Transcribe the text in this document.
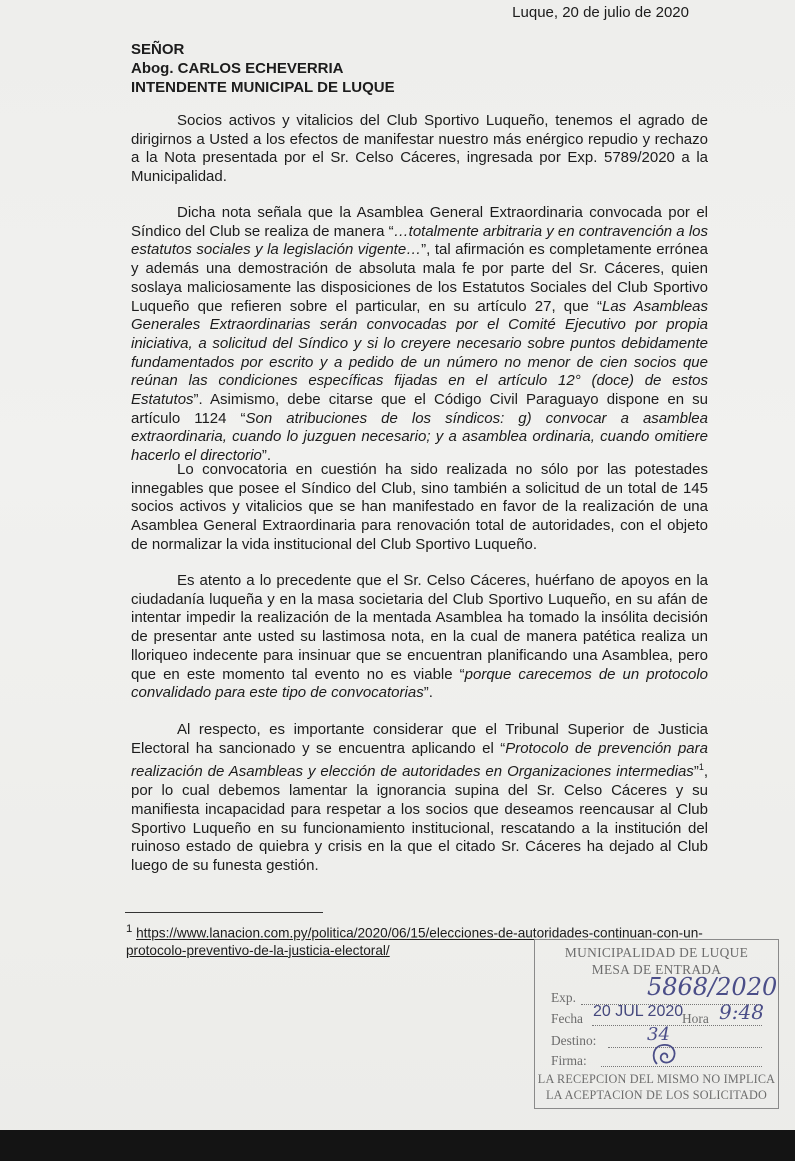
Luque, 20 de julio de 2020
SEÑOR
Abog. CARLOS ECHEVERRIA
INTENDENTE MUNICIPAL DE LUQUE

Socios activos y vitalicios del Club Sportivo Luqueño, tenemos el agrado de dirigirnos a Usted a los efectos de manifestar nuestro más enérgico repudio y rechazo a la Nota presentada por el Sr. Celso Cáceres, ingresada por Exp. 5789/2020 a la Municipalidad.

Dicha nota señala que la Asamblea General Extraordinaria convocada por el Síndico del Club se realiza de manera “…totalmente arbitraria y en contravención a los estatutos sociales y la legislación vigente…”, tal afirmación es completamente errónea y además una demostración de absoluta mala fe por parte del Sr. Cáceres, quien soslaya maliciosamente las disposiciones de los Estatutos Sociales del Club Sportivo Luqueño que refieren sobre el particular, en su artículo 27, que “Las Asambleas Generales Extraordinarias serán convocadas por el Comité Ejecutivo por propia iniciativa, a solicitud del Síndico y si lo creyere necesario sobre puntos debidamente fundamentados por escrito y a pedido de un número no menor de cien socios que reúnan las condiciones específicas fijadas en el artículo 12° (doce) de estos Estatutos”. Asimismo, debe citarse que el Código Civil Paraguayo dispone en su artículo 1124 “Son atribuciones de los síndicos: g) convocar a asamblea extraordinaria, cuando lo juzguen necesario; y a asamblea ordinaria, cuando omitiere hacerlo el directorio”.

Lo convocatoria en cuestión ha sido realizada no sólo por las potestades innegables que posee el Síndico del Club, sino también a solicitud de un total de 145 socios activos y vitalicios que se han manifestado en favor de la realización de una Asamblea General Extraordinaria para renovación total de autoridades, con el objeto de normalizar la vida institucional del Club Sportivo Luqueño.

Es atento a lo precedente que el Sr. Celso Cáceres, huérfano de apoyos en la ciudadanía luqueña y en la masa societaria del Club Sportivo Luqueño, en su afán de intentar impedir la realización de la mentada Asamblea ha tomado la insólita decisión de presentar ante usted su lastimosa nota, en la cual de manera patética realiza un lloriqueo indecente para insinuar que se encuentran planificando una Asamblea, pero que en este momento tal evento no es viable “porque carecemos de un protocolo convalidado para este tipo de convocatorias”.

Al respecto, es importante considerar que el Tribunal Superior de Justicia Electoral ha sancionado y se encuentra aplicando el “Protocolo de prevención para realización de Asambleas y elección de autoridades en Organizaciones intermedias”$^1$, por lo cual debemos lamentar la ignorancia supina del Sr. Celso Cáceres y su manifiesta incapacidad para respetar a los socios que deseamos reencausar al Club Sportivo Luqueño en su funcionamiento institucional, rescatando a la institución del ruinoso estado de quiebra y crisis en la que el citado Sr. Cáceres ha dejado al Club luego de su funesta gestión.

$^1$ https://www.lanacion.com.py/politica/2020/06/15/elecciones-de-autoridades-continuan-con-un-protocolo-preventivo-de-la-justicia-electoral/	MUNICIPALIDAD DE LUQUE
MESA DE ENTRADA
Exp.	5868/2020
Fecha 20 JUL 2020
Hora 9:48
Destino:	34
Firma:
LA RECEPCION DEL MISMO NO IMPLICA
LA ACEPTACION DE LOS SOLICITADO
